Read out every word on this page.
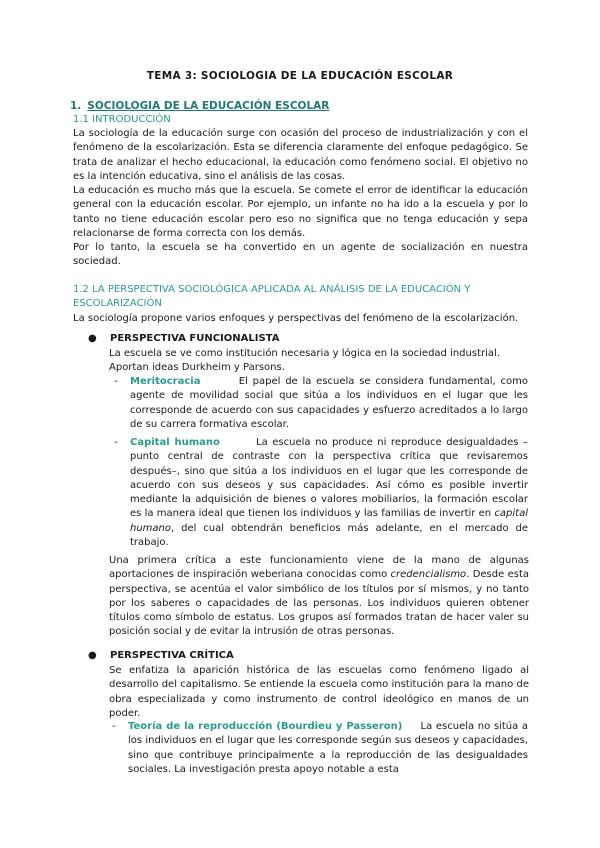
TEMA 3: SOCIOLOGIA DE LA EDUCACIÓN ESCOLAR
1. SOCIOLOGIA DE LA EDUCACIÓN ESCOLAR
1.1 INTRODUCCIÓN
La sociología de la educación surge con ocasión del proceso de industrialización y con el fenómeno de la escolarización. Esta se diferencia claramente del enfoque pedagógico. Se trata de analizar el hecho educacional, la educación como fenómeno social. El objetivo no es la intención educativa, sino el análisis de las cosas.
La educación es mucho más que la escuela. Se comete el error de identificar la educación general con la educación escolar. Por ejemplo, un infante no ha ido a la escuela y por lo tanto no tiene educación escolar pero eso no significa que no tenga educación y sepa relacionarse de forma correcta con los demás.
Por lo tanto, la escuela se ha convertido en un agente de socialización en nuestra sociedad.
1.2 LA PERSPECTIVA SOCIOLÓGICA APLICADA AL ANÁLISIS DE LA EDUCACIÓN Y
ESCOLARIZACIÓN
La sociología propone varios enfoques y perspectivas del fenómeno de la escolarización.
● PERSPECTIVA FUNCIONALISTA
La escuela se ve como institución necesaria y lógica en la sociedad industrial.
Aportan ideas Durkheim y Parsons.
- Meritocracia	El papel de la escuela se considera fundamental, como agente de movilidad social que sitúa a los individuos en el lugar que les corresponde de acuerdo con sus capacidades y esfuerzo acreditados a lo largo de su carrera formativa escolar.
- Capital humano	La escuela no produce ni reproduce desigualdades –punto central de contraste con la perspectiva crítica que revisaremos después–, sino que sitúa a los individuos en el lugar que les corresponde de acuerdo con sus deseos y sus capacidades. Así cómo es posible invertir mediante la adquisición de bienes o valores mobiliarios, la formación escolar es la manera ideal que tienen los individuos y las familias de invertir en capital humano, del cual obtendrán beneficios más adelante, en el mercado de trabajo.
Una primera crítica a este funcionamiento viene de la mano de algunas aportaciones de inspiración weberiana conocidas como credencialismo. Desde esta perspectiva, se acentúa el valor simbólico de los títulos por sí mismos, y no tanto por los saberes o capacidades de las personas. Los individuos quieren obtener títulos como símbolo de estatus. Los grupos así formados tratan de hacer valer su posición social y de evitar la intrusión de otras personas.
● PERSPECTIVA CRÍTICA
Se enfatiza la aparición histórica de las escuelas como fenómeno ligado al desarrollo del capitalismo. Se entiende la escuela como institución para la mano de obra especializada y como instrumento de control ideológico en manos de un poder.
- Teoría de la reproducción (Bourdieu y Passeron) La escuela no sitúa a los individuos en el lugar que les corresponde según sus deseos y capacidades, sino que contribuye principalmente a la reproducción de las desigualdades sociales. La investigación presta apoyo notable a esta
